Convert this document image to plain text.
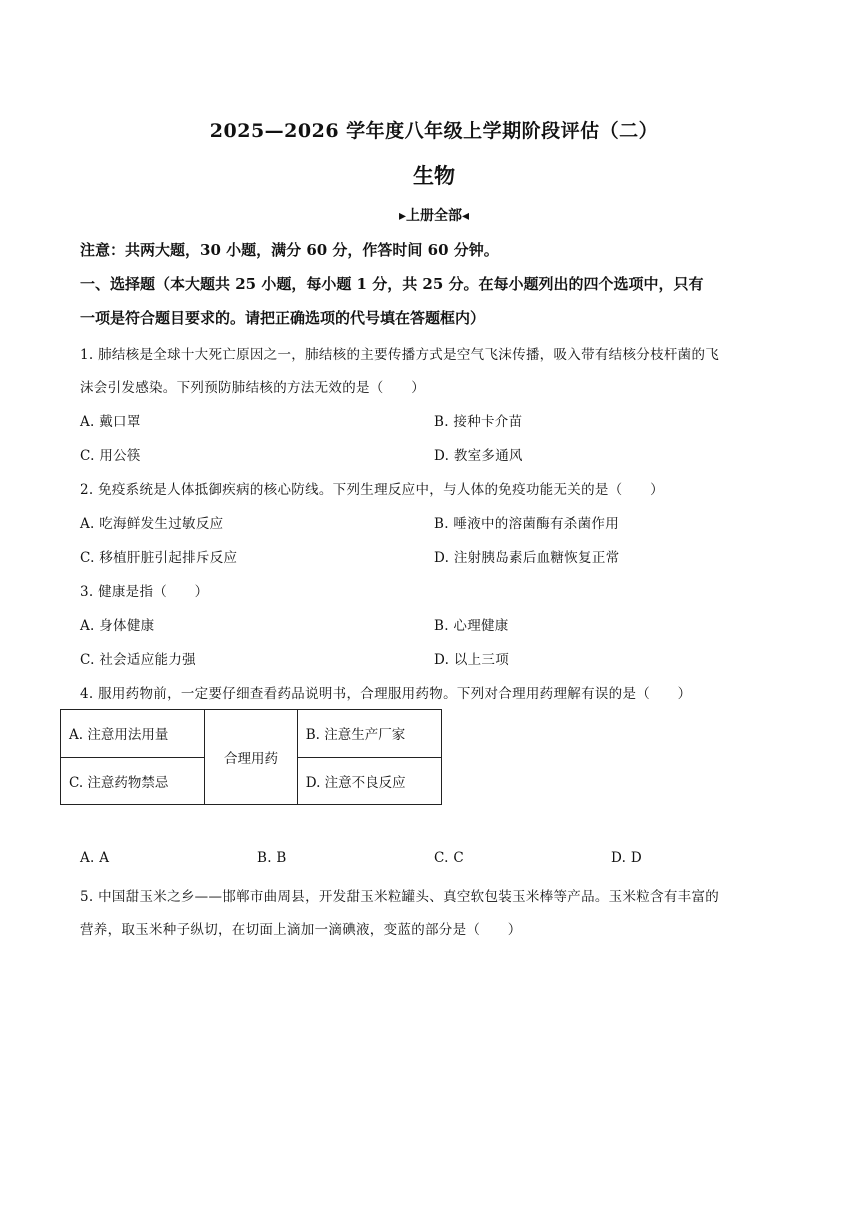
2025—2026 学年度八年级上学期阶段评估（二）
生物
▸上册全部◂
注意：共两大题，30 小题，满分 60 分，作答时间 60 分钟。
一、选择题（本大题共 25 小题，每小题 1 分，共 25 分。在每小题列出的四个选项中，只有
一项是符合题目要求的。请把正确选项的代号填在答题框内）
1. 肺结核是全球十大死亡原因之一，肺结核的主要传播方式是空气飞沫传播，吸入带有结核分枝杆菌的飞
沫会引发感染。下列预防肺结核的方法无效的是（　　）
A. 戴口罩	B. 接种卡介苗
C. 用公筷	D. 教室多通风
2. 免疫系统是人体抵御疾病的核心防线。下列生理反应中，与人体的免疫功能无关的是（　　）
A. 吃海鲜发生过敏反应	B. 唾液中的溶菌酶有杀菌作用
C. 移植肝脏引起排斥反应	D. 注射胰岛素后血糖恢复正常
3. 健康是指（　　）
A. 身体健康	B. 心理健康
C. 社会适应能力强	D. 以上三项
4. 服用药物前，一定要仔细查看药品说明书，合理服用药物。下列对合理用药理解有误的是（　　）
A. 注意用法用量	合理用药	B. 注意生产厂家
C. 注意药物禁忌		D. 注意不良反应
A. A	B. B	C. C	D. D
5. 中国甜玉米之乡——邯郸市曲周县，开发甜玉米粒罐头、真空软包装玉米棒等产品。玉米粒含有丰富的
营养，取玉米种子纵切，在切面上滴加一滴碘液，变蓝的部分是（　　）
